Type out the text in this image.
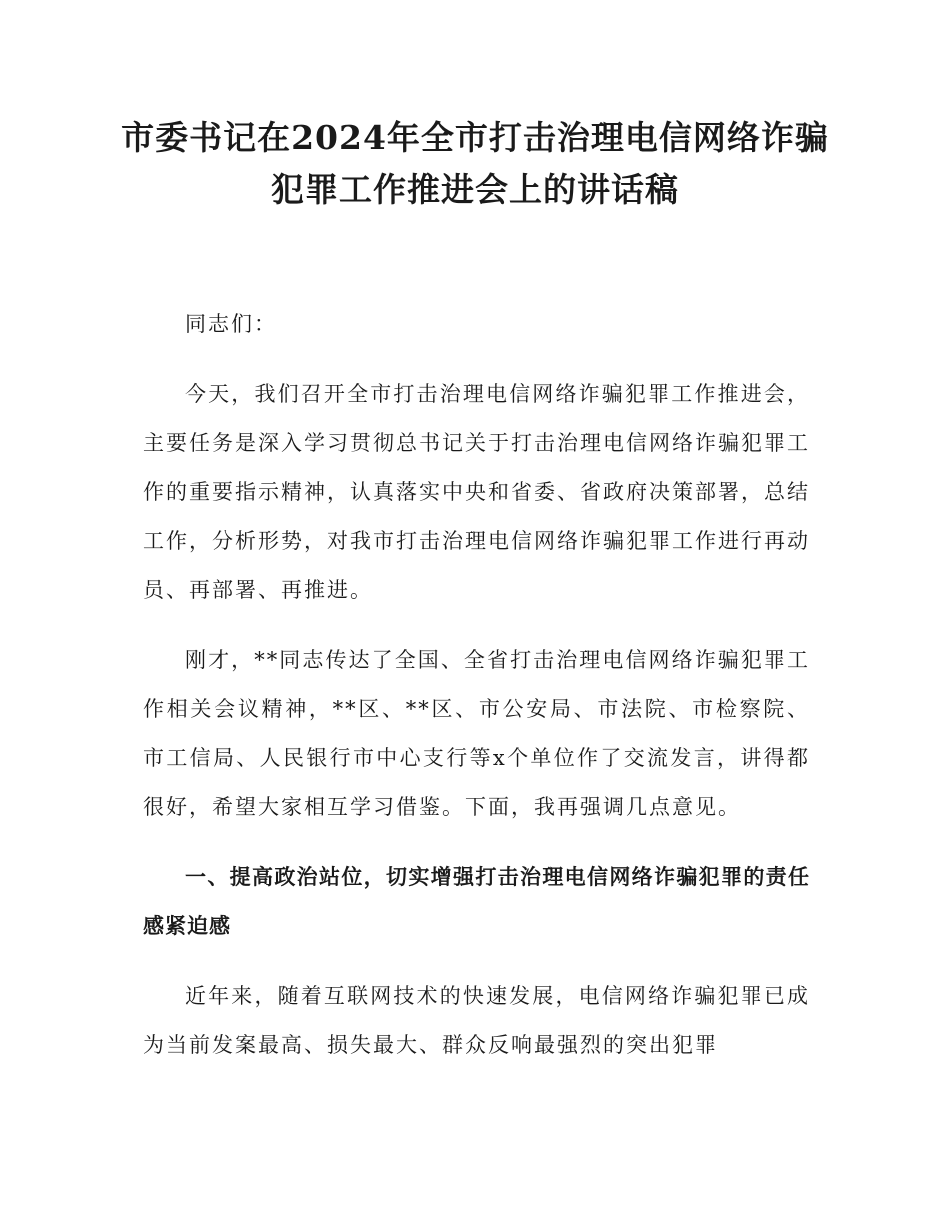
市委书记在2024年全市打击治理电信网络诈骗犯罪工作推进会上的讲话稿

同志们：

今天，我们召开全市打击治理电信网络诈骗犯罪工作推进会，主要任务是深入学习贯彻总书记关于打击治理电信网络诈骗犯罪工作的重要指示精神，认真落实中央和省委、省政府决策部署，总结工作，分析形势，对我市打击治理电信网络诈骗犯罪工作进行再动员、再部署、再推进。

刚才，**同志传达了全国、全省打击治理电信网络诈骗犯罪工作相关会议精神，**区、**区、市公安局、市法院、市检察院、市工信局、人民银行市中心支行等x个单位作了交流发言，讲得都很好，希望大家相互学习借鉴。下面，我再强调几点意见。

一、提高政治站位，切实增强打击治理电信网络诈骗犯罪的责任感紧迫感

近年来，随着互联网技术的快速发展，电信网络诈骗犯罪已成为当前发案最高、损失最大、群众反响最强烈的突出犯罪
